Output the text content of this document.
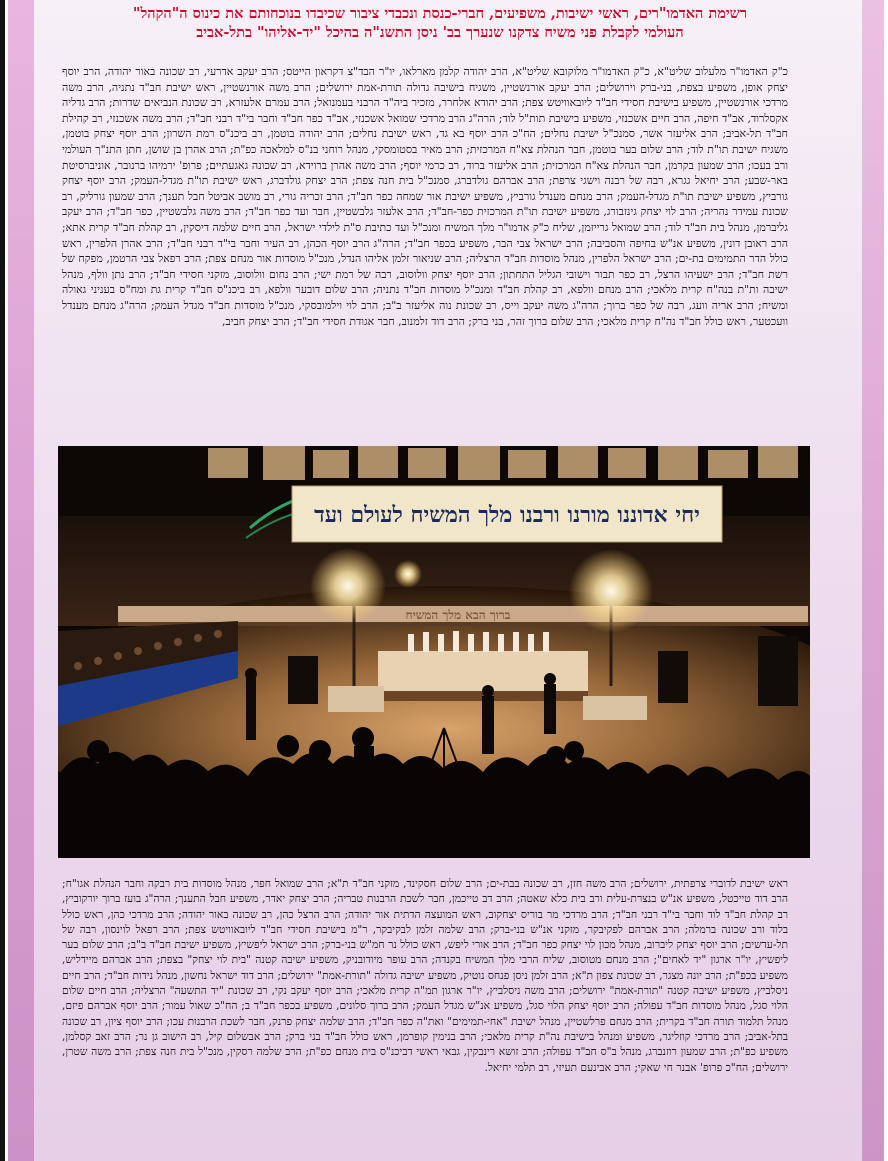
רשימת האדמו"רים, ראשי ישיבות, משפיעים, חברי-כנסת ונכבדי ציבור שכיבדו בנוכחותם את כינוס ה"הקהל"
העולמי לקבלת פני משיח צדקנו שנערך בב' ניסן התשנ"ה בהיכל "יד-אליהו" בתל-אביב
כ"ק האדמו"ר מלעלוב שליט"א, כ"ק האדמו"ר מלוקובא שליט"א, הרב יהודה קלמן מארלאו, יו"ר הבד"צ דקראון הייטס; הרב יעקב אדרעי, רב שכונה באור יהודה, הרב יוסף יצחק אופן, משפיע בצפת, בני-ברק וירושלים; הרב יעקב אורנשטיין, משגיח בישיבה גדולה תורת-אמת ירושלים; הרב משה אורנשטיין, ראש ישיבת חב"ד נתניה, הרב משה מרדכי אורנשטיין, משפיע בישיבת חסידי חב"ד ליובאוויטש צפת; הרב יהודא אלחרר, מזכיר ביה"ד הרבני בעמנואל; הרב עמרם אלעזרא, רב שכונת הנביאים שדרות; הרב גדליה אקסלרוד, אב"ד חיפה, הרב חיים אשכנזי, משפיע בישיבת תות"ל לוד; הרה"ג הרב מרדכי שמואל אשכנזי, אב"ד כפר חב"ד וחבר בי"ד רבני חב"ד; הרב משה אשכנזי, רב קהילת חב"ד תל-אביב; הרב אליעזר אשר, סמנכ"ל ישיבת נחלים; הח"כ הרב יוסף בא גד, ראש ישיבת נחלים; הרב יהודה בוטמן, רב ביכנ"ס רמת השרון; הרב יוסף יצחק בוטמן, משגיח ישיבת תו"ת לוד; הרב שלום בער בוטמן, חבר הנהלת צא"ח המרכזית; הרב מאיר בסטומסקי, מנהל רוחני בנ"ס למלאכה כפ"ת; הרב אהרן בן שושן, חתן התנ"ך העולמי ורב בעכו; הרב שמעון בקרמן, חבר הנהלת צא"ח המרכזית; הרב אליעזר ברוד, רב כרמי יוסף; הרב משה אהרן ברוידא, רב שכונה גאגעתיים; פרופ' ירמיהו ברנובר, אוניברסיטת באר-שבע; הרב יחיאל גגרא, רבה של רבנה וישגי צרפת; הרב אברהם גולדברג, סמנכ"ל בית חנה צפת; הרב יצחק גולדברג, ראש ישיבת תו"ת מגדל-העמק; הרב יוסף יצחק גורביץ, משפיע ישיבת תו"ת מגדל-העמק; הרב מנחם מענדל גורביץ, משפיע ישיבת אור שמחה כפר חב"ד; הרב זכריה גורי, רב מושב אביטל חבל תענך; הרב שמעון גורליק, רב שכונת עמידר נהריה; הרב לוי יצחק גינזבורג, משפיע ישיבת תו"ת המרכזית כפר-חב"ד; הרב אלעזר גלבשטיין, חבר ועד כפר חב"ד; הרב משה גלבשטיין, כפר חב"ד; הרב יעקב גליברמן, מנהל בית חב"ד לוד; הרב שמואל גרייזמן, שליח כ"ק אדמו"ר מלך המשיח ומנכ"ל ועד כתיבת ס"ת לילדי ישראל, הרב חיים שלמה דיסקין, רב קהלת חב"ד קרית אתא; הרב ראובן דונין, משפיע אנ"ש בחיפה והסביבה; הרב ישראל צבי הבר, משפיע בכפר חב"ד; הרה"ג הרב יוסף הכהן, רב העיר וחבר בי"ד רבני חב"ד; הרב אהרן הלפרין, ראש כולל הדר התמימים בת-ים; הרב ישראל הלפרין, מנהל מוסדות חב"ד הרצליה; הרב שניאור זלמן אליהו הנדל, מנכ"ל מוסדות אור מנחם צפת; הרב רפאל צבי הרטמן, מפקח של רשת חב"ד; הרב ישעיהו הרצל, רב כפר תבור וישובי הגליל התחתון; הרב יוסף יצחק וולוסוב, רבה של רמת ישי; הרב נחום וולוסוב, מזקני חסידי חב"ד; הרב נתן וולף, מנהל ישיבה ות"ת בנה"ח קרית מלאכי; הרב מנחם וולפא, רב קהלת חב"ד ומנכ"ל מוסדות חב"ד נתניה; הרב שלום דובער וולפא, רב ביכנ"ס חב"ד קרית גת ומח"ס בעניני גאולה ומשיח; הרב אריה וועג, רבה של כפר ברוך; הרה"ג משה יעקב וייס, רב שכונת נוה אליעזר ב"ב; הרב לוי וילמובסקי, מנכ"ל מוסדות חב"ד מגדל העמק; הרה"ג מנחם מענדל וועכטער, ראש כולל חב"ד נה"ח קרית מלאכי; הרב שלום ברוך זהר, בני ברק; הרב דוד זלמנוב, חבר אגודת חסידי חב"ד; הרב יצחק חביב,
יחי אדוננו מורנו ורבנו מלך המשיח לעולם ועד
ברוך הבא מלך המשיח
ראש ישיבת לדוברי צרפתית, ירושלים; הרב משה חזן, רב שכונה בבת-ים; הרב שלום חסקינד, מזקני חב"ד ת"א; הרב שמואל חפר, מנהל מוסדות בית רבקה וחבר הנהלת אגו"ח; הרב דוד טייכטל, משפיע אנ"ש בנצרת-עלית ורב בית כלא שאטה; הרב דב טייכמן, חבר לשכת הרבנות טבריה; הרב יצחק יאדר, משפיע חבל התענך; הרה"ג בועז ברוך יורקוביץ, רב קהלת חב"ד לוד וחבר בי"ד רבני חב"ד; הרב מרדכי מר בוריס יצחקוב, ראש המועצה הדתית אור יהודה; הרב הרצל כהן, רב שכונה באור יהודה; הרב מרדכי כהן, ראש כולל בלוד ורב שכונה ברמלה; הרב אברהם לפקיבקר, מזקני אנ"ש בני-ברק; הרב שלמה זלמן לבקיבקר, ר"מ בישיבת חסידי חב"ד ליובאוויטש צפת; הרב רפאל לוינסון, רבה של תל-עדשים; הרב יוסף יצחק ליברוב, מנהל מכון לוי יצחק כפר חב"ד; הרב אורי ליפש, ראש כולל נר חמ"ש בני-ברק; הרב ישראל ליפשיץ, משפיע ישיבת חב"ד ב"ב; הרב שלום בער ליפשיץ, יו"ר ארגון "יד לאחים"; הרב מנחם מטוסוב, שליח הרבי מלך המשיח בקנדה; הרב עופר מיודובניק, משפיע ישיבה קטנה "בית לוי יצחק" בצפת; הרב אברהם מיידליש, משפיע בכפ"ת; הרב יונה מצגר, רב שכונת צפון ת"א; הרב זלמן ניסן פנחס נוטיק, משפיע ישיבה גדולה "תורת-אמת" ירושלים; הרב דוד ישראל נחשון, מנהל נידות חב"ד; הרב חיים ניסלביץ, משפיע ישיבה קטנה "תורת-אמת" ירושלים; הרב משה ניסלביץ, יו"ר ארגון תמ"ה קרית מלאכי; הרב יוסף יעקב נקי, רב שכונת "יד התשעה" הרצליה; הרב חיים שלום הלוי סגל, מנהל מוסדות חב"ד עפולה; הרב יוסף יצחק הלוי סגל, משפיע אנ"ש מגדל העמק; הרב ברוך סלונים, משפיע בכפר חב"ד ב; הח"כ שאול עמור; הרב יוסף אברהם פיזם, מנהל תלמוד תורה חב"ד בקרית; הרב מנחם פרלשטיין, מנהל ישיבת "אחי-תמימים" ואת"ה כפר חב"ד; הרב שלמה יצחק פרנק, חבר לשכת הרבנות עכו; הרב יוסף ציון, רב שכונה בתל-אביב; הרב מרדכי קוזליגר, משפיע ומנהל בישיבת נה"ת קרית מלאכי; הרב בנימין קופרמן, ראש כולל חב"ד בני ברק; הרב אבשלום קיל, רב הישוב גן נר; הרב זאב קסלמן, משפיע כפ"ת; הרב שמעון רוזנברג, מנהל ב"ס חב"ד עפולה; הרב זושא רינבקין, גבאי ראשי דביכנ"ס בית מנחם כפ"ת; הרב שלמה רסקין, מנכ"ל בית חנה צפת; הרב משה שטרן, ירושלים; הח"כ פרופ' אבנר חי שאקי; הרב אבינעם תעיזי, רב תלמי יחיאל.
